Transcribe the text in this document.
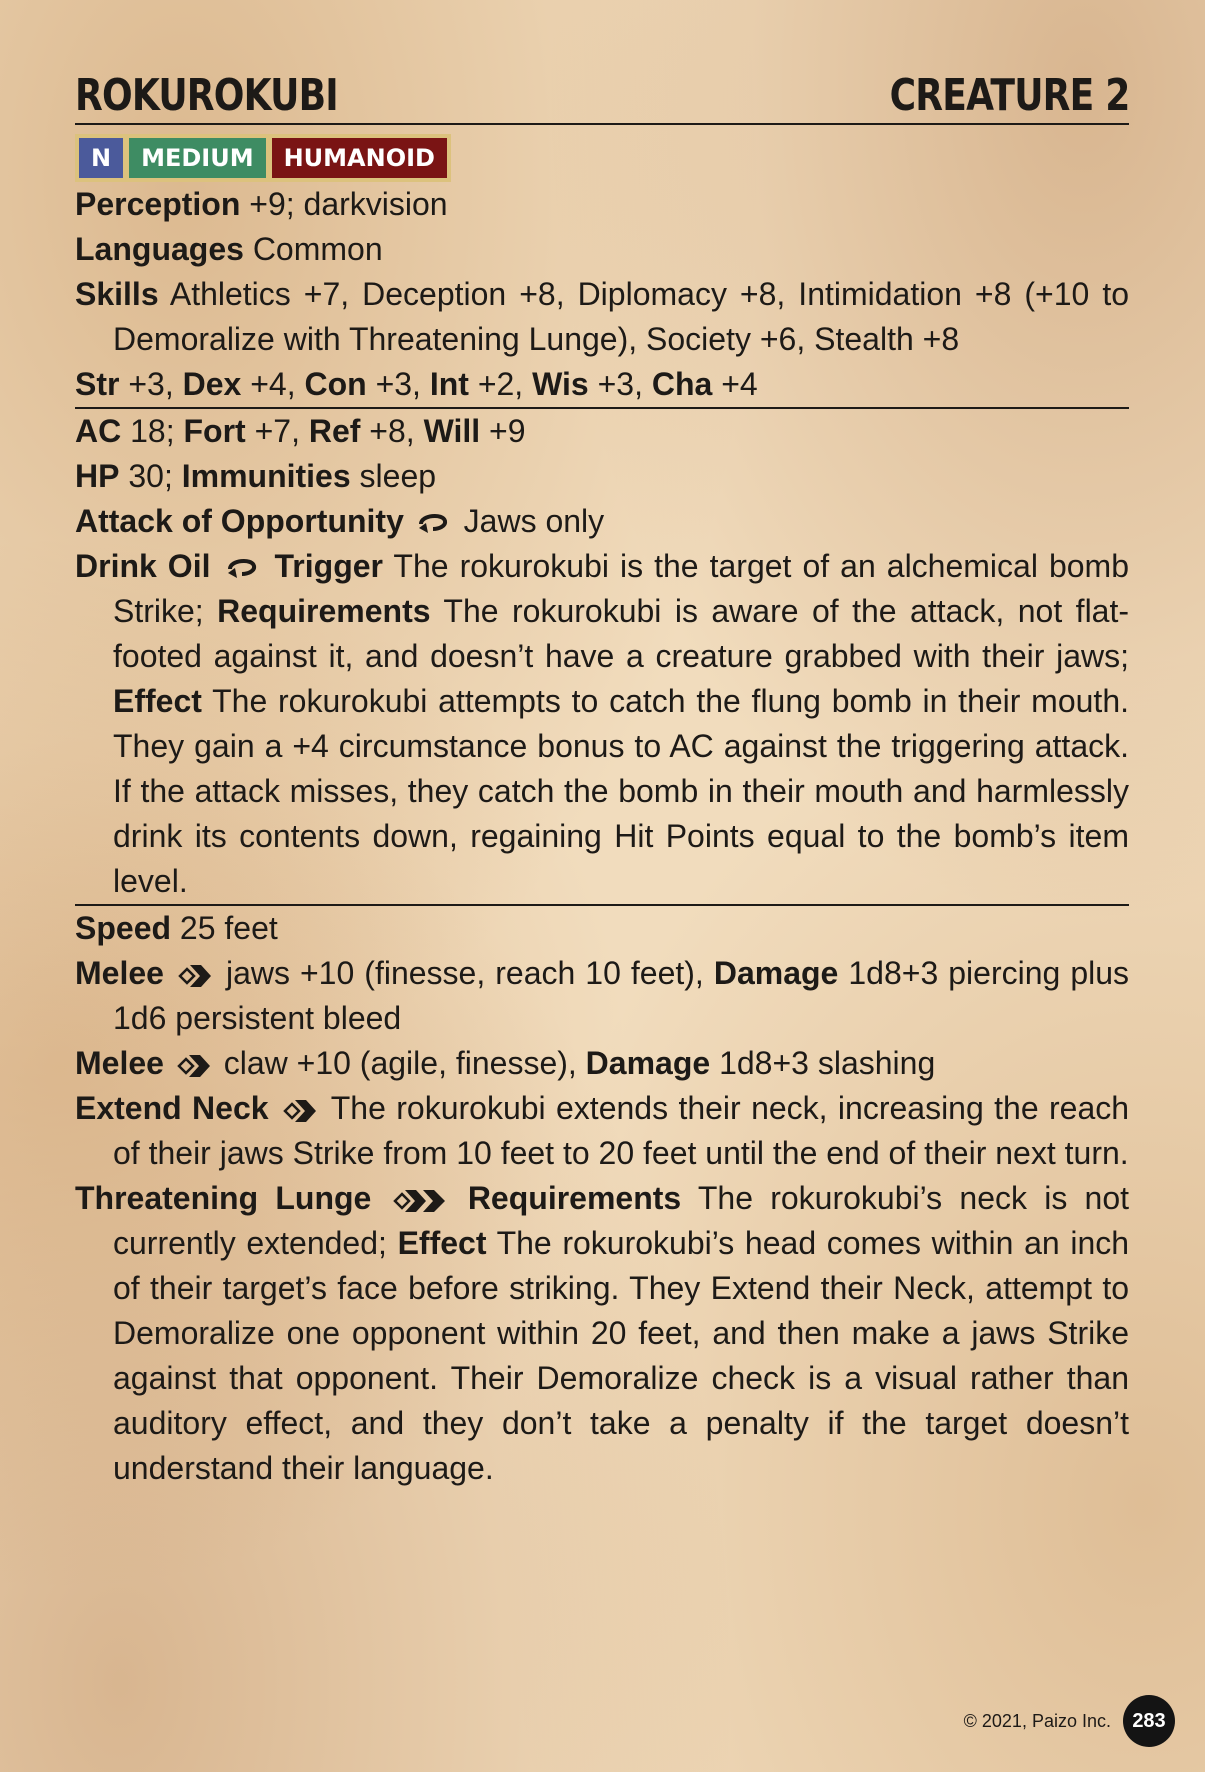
ROKUROKUBI	CREATURE 2
N	MEDIUM	HUMANOID
Perception +9; darkvision
Languages Common
Skills Athletics +7, Deception +8, Diplomacy +8, Intimidation +8 (+10 to Demoralize with Threatening Lunge), Society +6, Stealth +8
Str +3, Dex +4, Con +3, Int +2, Wis +3, Cha +4
AC 18; Fort +7, Ref +8, Will +9
HP 30; Immunities sleep
Attack of Opportunity Jaws only
Drink Oil Trigger The rokurokubi is the target of an alchemical bomb Strike; Requirements The rokurokubi is aware of the attack, not flat-footed against it, and doesn’t have a creature grabbed with their jaws; Effect The rokurokubi attempts to catch the flung bomb in their mouth. They gain a +4 circumstance bonus to AC against the triggering attack. If the attack misses, they catch the bomb in their mouth and harmlessly drink its contents down, regaining Hit Points equal to the bomb’s item level.
Speed 25 feet
Melee jaws +10 (finesse, reach 10 feet), Damage 1d8+3 piercing plus 1d6 persistent bleed
Melee claw +10 (agile, finesse), Damage 1d8+3 slashing
Extend Neck The rokurokubi extends their neck, increasing the reach of their jaws Strike from 10 feet to 20 feet until the end of their next turn.
Threatening Lunge	Requirements The rokurokubi’s neck is not currently extended; Effect The rokurokubi’s head comes within an inch of their target’s face before striking. They Extend their Neck, attempt to Demoralize one opponent within 20 feet, and then make a jaws Strike against that opponent. Their Demoralize check is a visual rather than auditory effect, and they don’t take a penalty if the target doesn’t understand their language.
© 2021, Paizo Inc.	283
